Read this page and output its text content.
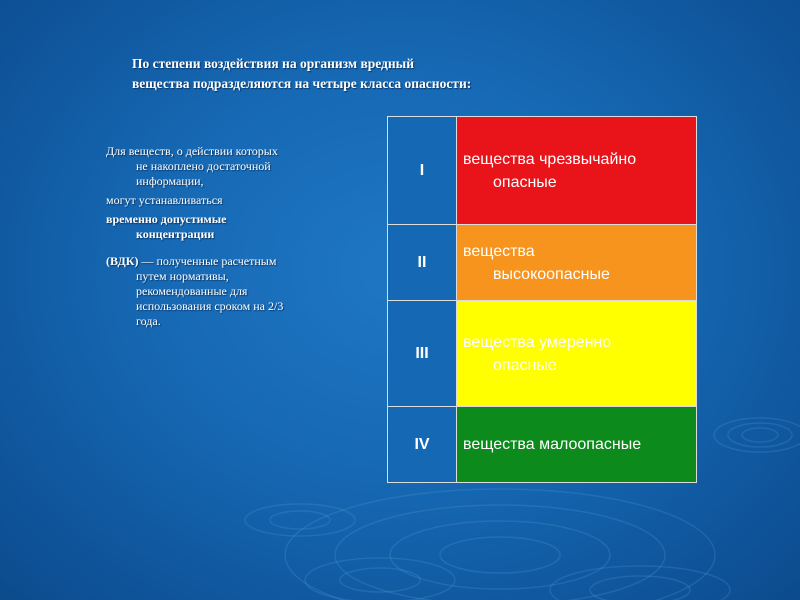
По степени воздействия на организм вредный
вещества подразделяются на четыре класса опасности:

Для веществ, о действии которых
не накоплено достаточной
информации,

могут устанавливаться

временно допустимые
концентрации

(ВДК) — полученные расчетным
путем нормативы,
рекомендованные для
использования сроком на 2/3
года.

I
вещества чрезвычайно
опасные
II
вещества
высокоопасные
III
вещества умеренно
опасные
IV	вещества малоопасные
